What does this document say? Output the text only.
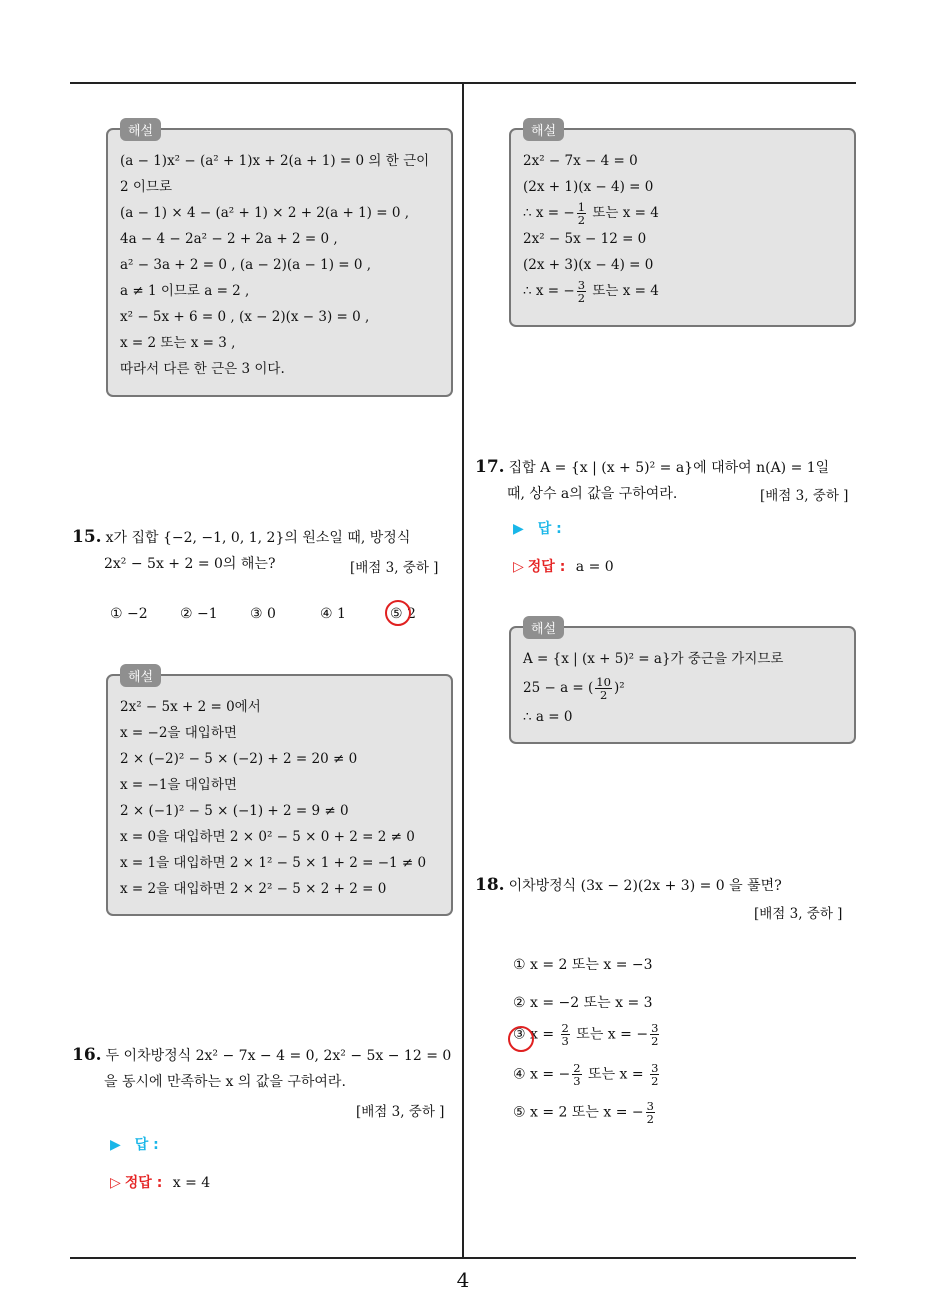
해설
(a − 1)x² − (a² + 1)x + 2(a + 1) = 0 의 한 근이
2 이므로
(a − 1) × 4 − (a² + 1) × 2 + 2(a + 1) = 0 ,
4a − 4 − 2a² − 2 + 2a + 2 = 0 ,
a² − 3a + 2 = 0 , (a − 2)(a − 1) = 0 ,
a ≠ 1 이므로 a = 2 ,
x² − 5x + 6 = 0 , (x − 2)(x − 3) = 0 ,
x = 2 또는 x = 3 ,
따라서 다른 한 근은 3 이다.
15. x가 집합 {−2, −1, 0, 1, 2}의 원소일 때, 방정식
2x² − 5x + 2 = 0의 해는?	[배점 3, 중하 ]
① −2 ② −1 ③ 0	④ 1	⑤ 2
해설
2x² − 5x + 2 = 0에서
x = −2을 대입하면
2 × (−2)² − 5 × (−2) + 2 = 20 ≠ 0
x = −1을 대입하면
2 × (−1)² − 5 × (−1) + 2 = 9 ≠ 0
x = 0을 대입하면 2 × 0² − 5 × 0 + 2 = 2 ≠ 0
x = 1을 대입하면 2 × 1² − 5 × 1 + 2 = −1 ≠ 0
x = 2을 대입하면 2 × 2² − 5 × 2 + 2 = 0
16. 두 이차방정식 2x² − 7x − 4 = 0, 2x² − 5x − 12 = 0
을 동시에 만족하는 x 의 값을 구하여라.
[배점 3, 중하 ]
▶ 답 :
▷ 정답 : x = 4
해설
2x² − 7x − 4 = 0
(2x + 1)(x − 4) = 0
∴ x = − $\frac{1}{2}$ 또는 x = 4
2x² − 5x − 12 = 0
(2x + 3)(x − 4) = 0
∴ x = − $\frac{3}{2}$ 또는 x = 4
17. 집합 A = {x | (x + 5)² = a}에 대하여 n(A) = 1일
때, 상수 a의 값을 구하여라.	[배점 3, 중하 ]
▶ 답 :
▷ 정답 : a = 0
해설
A = {x | (x + 5)² = a}가 중근을 가지므로
25 − a = ( $\frac{10}{2} )^2$
∴ a = 0
18. 이차방정식 (3x − 2)(2x + 3) = 0 을 풀면?
[배점 3, 중하 ]
① x = 2 또는 x = −3
② x = −2 또는 x = 3
③ $x = \frac{2}{3}$ 또는 x = − $\frac{3}{2}$
④ x = − $\frac{2}{3}$ 또는 $x = \frac{3}{2}$
⑤ x = 2 또는 x = − $\frac{3}{2}$
4
